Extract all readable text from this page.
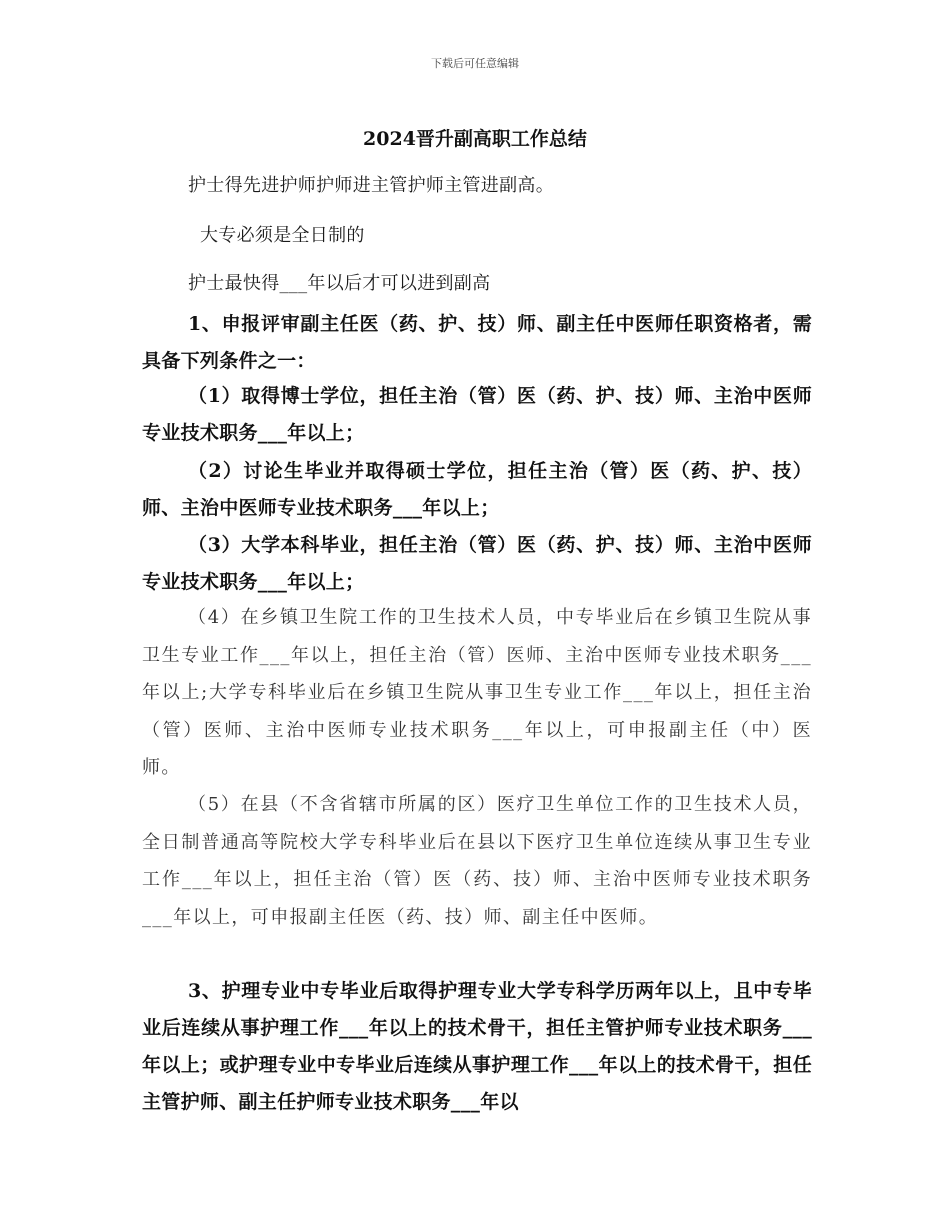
下载后可任意编辑
2024晋升副高职工作总结

护士得先进护师护师进主管护师主管进副高。

大专必须是全日制的

护士最快得___年以后才可以进到副高

1、申报评审副主任医（药、护、技）师、副主任中医师任职资格者，需具备下列条件之一：

（1）取得博士学位，担任主治（管）医（药、护、技）师、主治中医师专业技术职务___年以上；

（2）讨论生毕业并取得硕士学位，担任主治（管）医（药、护、技）师、主治中医师专业技术职务___年以上；

（3）大学本科毕业，担任主治（管）医（药、护、技）师、主治中医师专业技术职务___年以上；

（4）在乡镇卫生院工作的卫生技术人员，中专毕业后在乡镇卫生院从事卫生专业工作___年以上，担任主治（管）医师、主治中医师专业技术职务___年以上;大学专科毕业后在乡镇卫生院从事卫生专业工作___年以上，担任主治（管）医师、主治中医师专业技术职务___年以上，可申报副主任（中）医师。

（5）在县（不含省辖市所属的区）医疗卫生单位工作的卫生技术人员，全日制普通高等院校大学专科毕业后在县以下医疗卫生单位连续从事卫生专业工作___年以上，担任主治（管）医（药、技）师、主治中医师专业技术职务___年以上，可申报副主任医（药、技）师、副主任中医师。

3、护理专业中专毕业后取得护理专业大学专科学历两年以上，且中专毕业后连续从事护理工作___年以上的技术骨干，担任主管护师专业技术职务___年以上；或护理专业中专毕业后连续从事护理工作___年以上的技术骨干，担任主管护师、副主任护师专业技术职务___年以
